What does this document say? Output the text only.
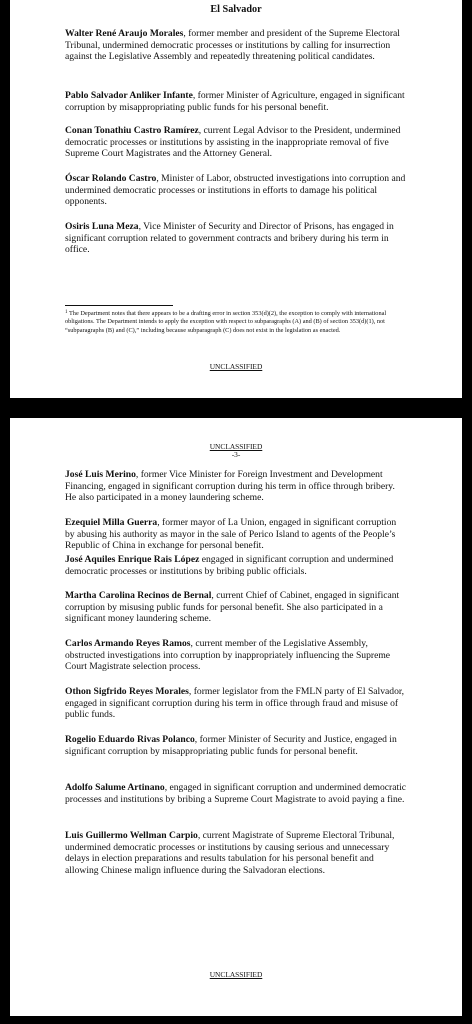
El Salvador
Walter René Araujo Morales, former member and president of the Supreme Electoral Tribunal, undermined democratic processes or institutions by calling for insurrection against the Legislative Assembly and repeatedly threatening political candidates.
Pablo Salvador Anliker Infante, former Minister of Agriculture, engaged in significant corruption by misappropriating public funds for his personal benefit.
Conan Tonathiu Castro Ramírez, current Legal Advisor to the President, undermined democratic processes or institutions by assisting in the inappropriate removal of five Supreme Court Magistrates and the Attorney General.
Óscar Rolando Castro, Minister of Labor, obstructed investigations into corruption and undermined democratic processes or institutions in efforts to damage his political opponents.
Osiris Luna Meza, Vice Minister of Security and Director of Prisons, has engaged in significant corruption related to government contracts and bribery during his term in office.
$^1$ The Department notes that there appears to be a drafting error in section 353(d)(2), the exception to comply with international obligations. The Department intends to apply the exception with respect to subparagraphs (A) and (B) of section 353(d)(1), not “subparagraphs (B) and (C),” including because subparagraph (C) does not exist in the legislation as enacted.
UNCLASSIFIED
UNCLASSIFIED
-3-
José Luis Merino, former Vice Minister for Foreign Investment and Development Financing, engaged in significant corruption during his term in office through bribery. He also participated in a money laundering scheme.
Ezequiel Milla Guerra, former mayor of La Union, engaged in significant corruption by abusing his authority as mayor in the sale of Perico Island to agents of the People’s Republic of China in exchange for personal benefit.
José Aquiles Enrique Rais López engaged in significant corruption and undermined democratic processes or institutions by bribing public officials.
Martha Carolina Recinos de Bernal, current Chief of Cabinet, engaged in significant corruption by misusing public funds for personal benefit. She also participated in a significant money laundering scheme.
Carlos Armando Reyes Ramos, current member of the Legislative Assembly, obstructed investigations into corruption by inappropriately influencing the Supreme Court Magistrate selection process.
Othon Sigfrido Reyes Morales, former legislator from the FMLN party of El Salvador, engaged in significant corruption during his term in office through fraud and misuse of public funds.
Rogelio Eduardo Rivas Polanco, former Minister of Security and Justice, engaged in significant corruption by misappropriating public funds for personal benefit.
Adolfo Salume Artinano, engaged in significant corruption and undermined democratic processes and institutions by bribing a Supreme Court Magistrate to avoid paying a fine.
Luis Guillermo Wellman Carpio, current Magistrate of Supreme Electoral Tribunal, undermined democratic processes or institutions by causing serious and unnecessary delays in election preparations and results tabulation for his personal benefit and allowing Chinese malign influence during the Salvadoran elections.
UNCLASSIFIED
